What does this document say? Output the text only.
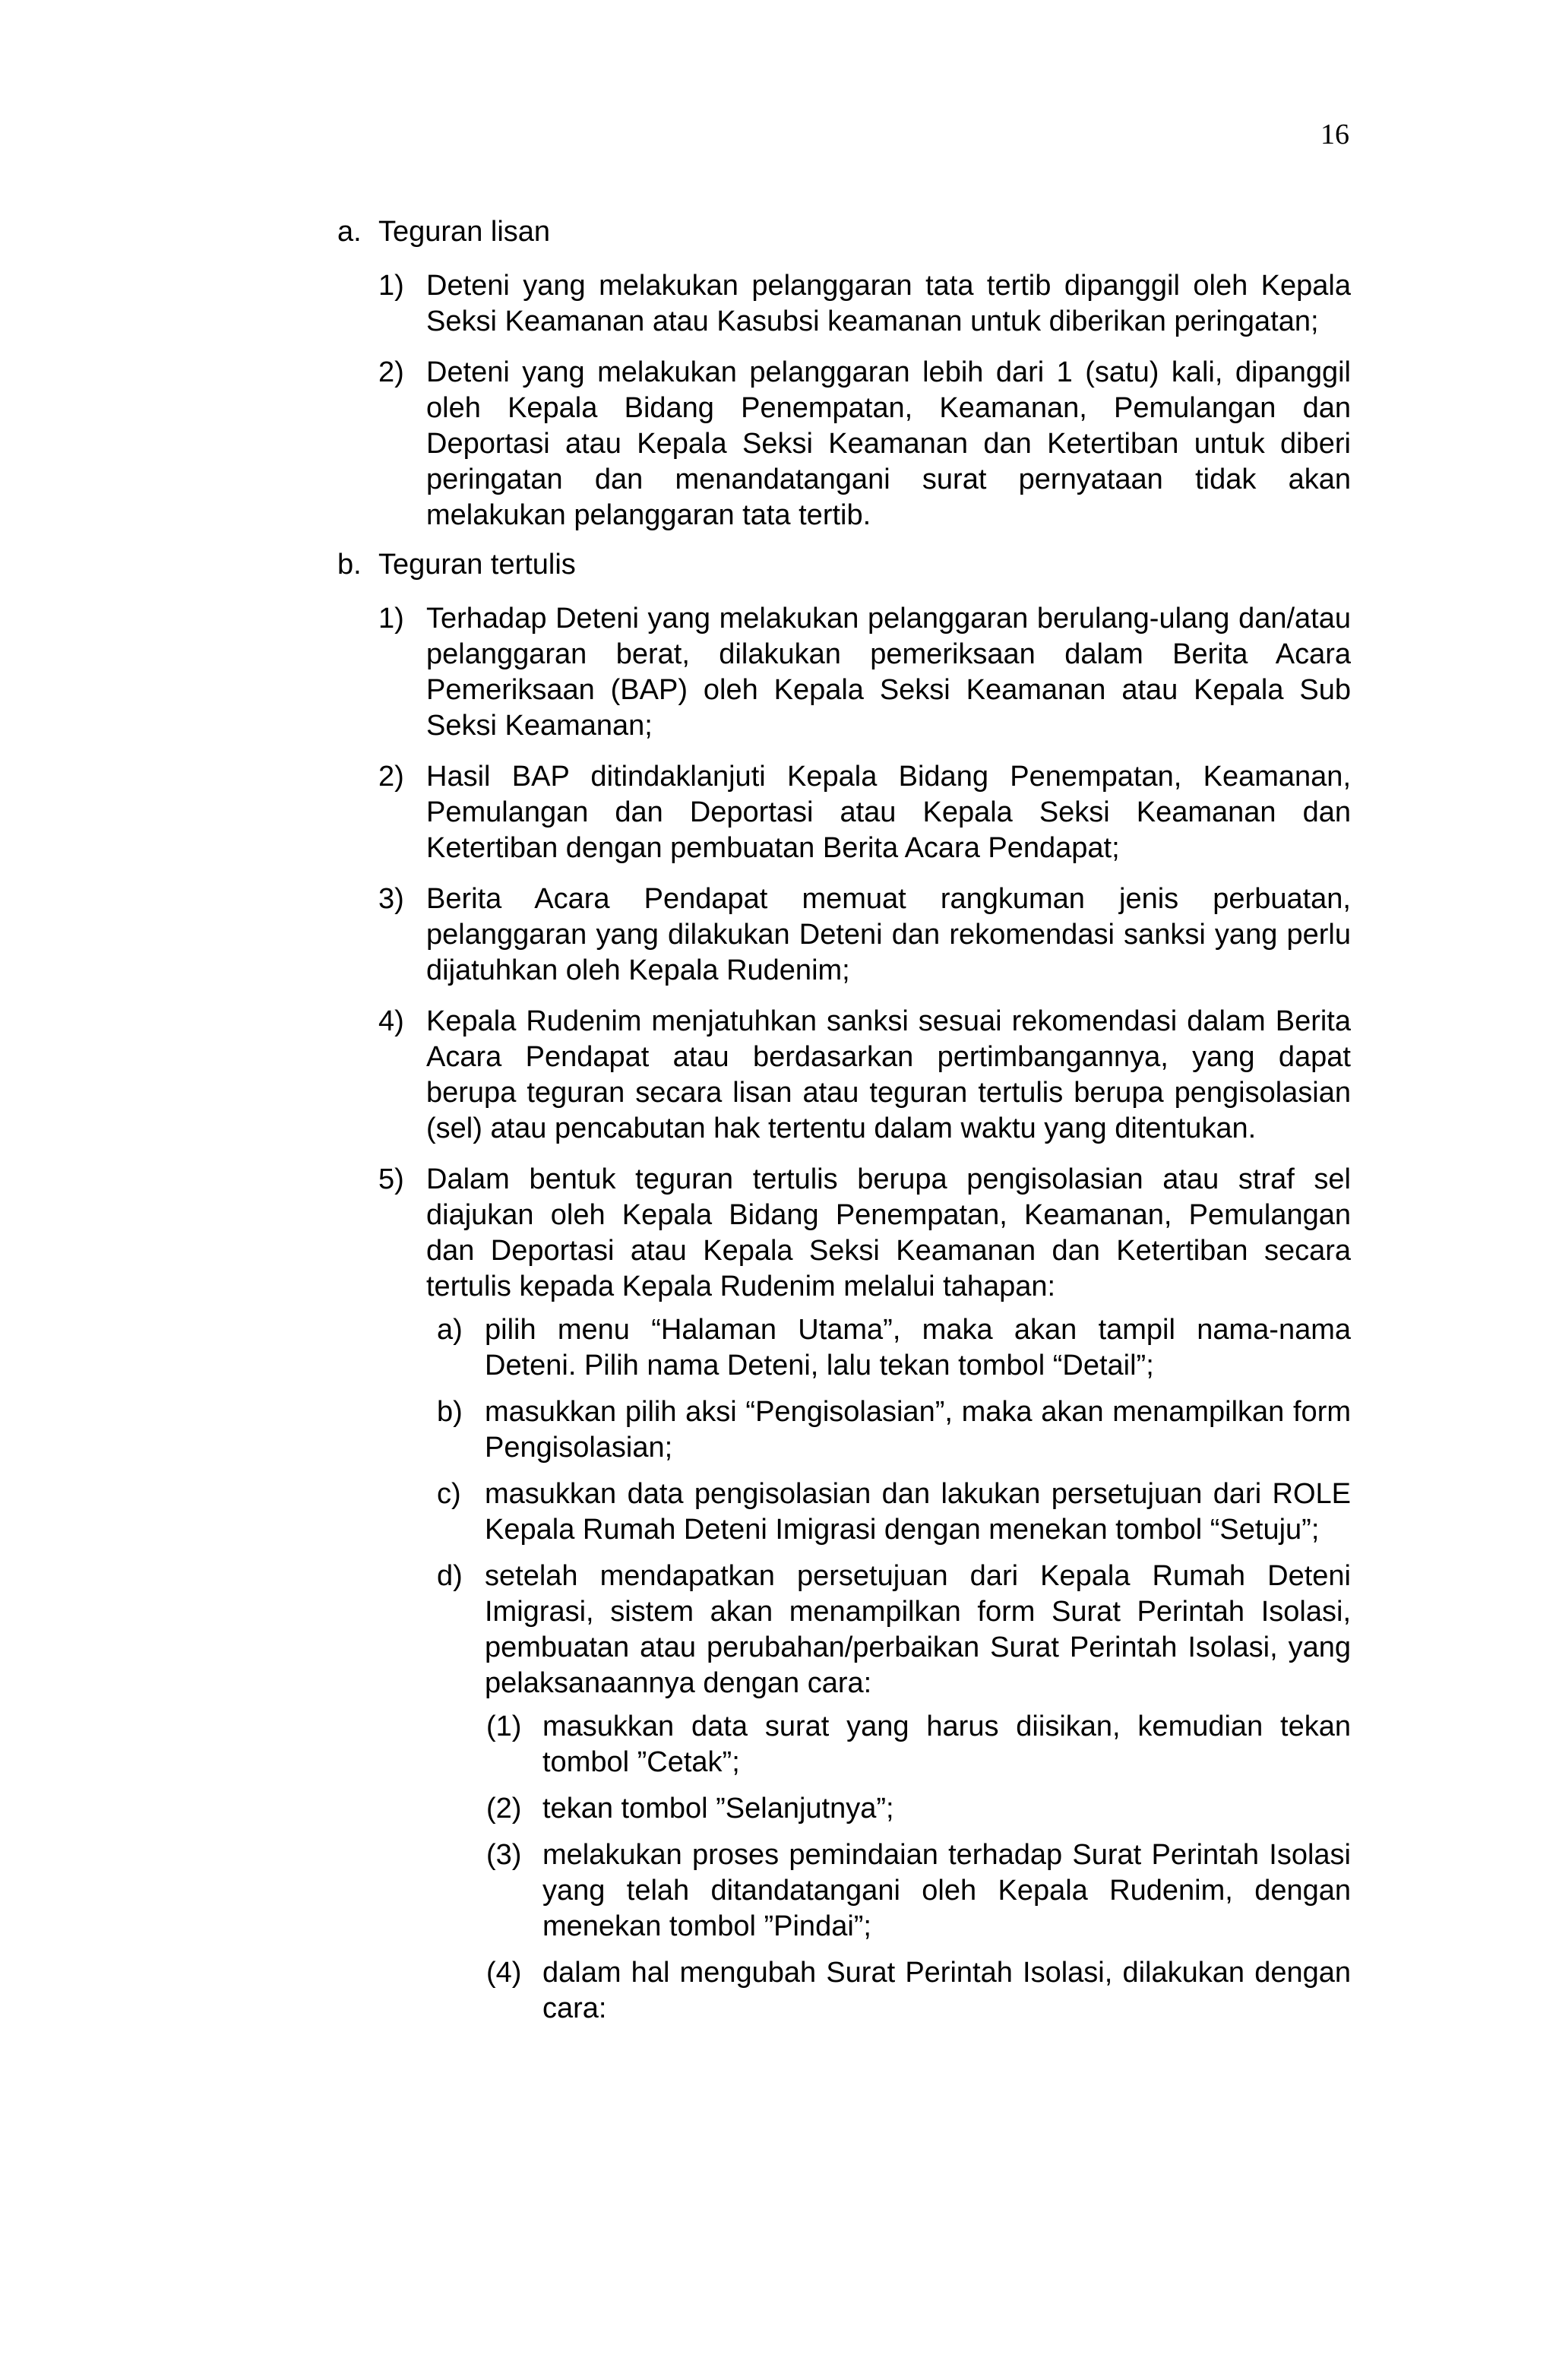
16
a. Teguran lisan
1) Deteni yang melakukan pelanggaran tata tertib dipanggil oleh Kepala Seksi Keamanan atau Kasubsi keamanan untuk diberikan peringatan;
2) Deteni yang melakukan pelanggaran lebih dari 1 (satu) kali, dipanggil oleh Kepala Bidang Penempatan, Keamanan, Pemulangan dan Deportasi atau Kepala Seksi Keamanan dan Ketertiban untuk diberi peringatan dan menandatangani surat pernyataan tidak akan melakukan pelanggaran tata tertib.
b. Teguran tertulis
1) Terhadap Deteni yang melakukan pelanggaran berulang-ulang dan/atau pelanggaran berat, dilakukan pemeriksaan dalam Berita Acara Pemeriksaan (BAP) oleh Kepala Seksi Keamanan atau Kepala Sub Seksi Keamanan;
2) Hasil BAP ditindaklanjuti Kepala Bidang Penempatan, Keamanan, Pemulangan dan Deportasi atau Kepala Seksi Keamanan dan Ketertiban dengan pembuatan Berita Acara Pendapat;
3) Berita Acara Pendapat memuat rangkuman jenis perbuatan, pelanggaran yang dilakukan Deteni dan rekomendasi sanksi yang perlu dijatuhkan oleh Kepala Rudenim;
4) Kepala Rudenim menjatuhkan sanksi sesuai rekomendasi dalam Berita Acara Pendapat atau berdasarkan pertimbangannya, yang dapat berupa teguran secara lisan atau teguran tertulis berupa pengisolasian (sel) atau pencabutan hak tertentu dalam waktu yang ditentukan.
5) Dalam bentuk teguran tertulis berupa pengisolasian atau straf sel diajukan oleh Kepala Bidang Penempatan, Keamanan, Pemulangan dan Deportasi atau Kepala Seksi Keamanan dan Ketertiban secara tertulis kepada Kepala Rudenim melalui tahapan:
a) pilih menu “Halaman Utama”, maka akan tampil nama-nama Deteni. Pilih nama Deteni, lalu tekan tombol “Detail”;
b) masukkan pilih aksi “Pengisolasian”, maka akan menampilkan form Pengisolasian;
c) masukkan data pengisolasian dan lakukan persetujuan dari ROLE Kepala Rumah Deteni Imigrasi dengan menekan tombol “Setuju”;
d) setelah mendapatkan persetujuan dari Kepala Rumah Deteni Imigrasi, sistem akan menampilkan form Surat Perintah Isolasi, pembuatan atau perubahan/perbaikan Surat Perintah Isolasi, yang pelaksanaannya dengan cara:
(1) masukkan data surat yang harus diisikan, kemudian tekan tombol ”Cetak”;
(2) tekan tombol ”Selanjutnya”;
(3) melakukan proses pemindaian terhadap Surat Perintah Isolasi yang telah ditandatangani oleh Kepala Rudenim, dengan menekan tombol ”Pindai”;
(4) dalam hal mengubah Surat Perintah Isolasi, dilakukan dengan cara:
